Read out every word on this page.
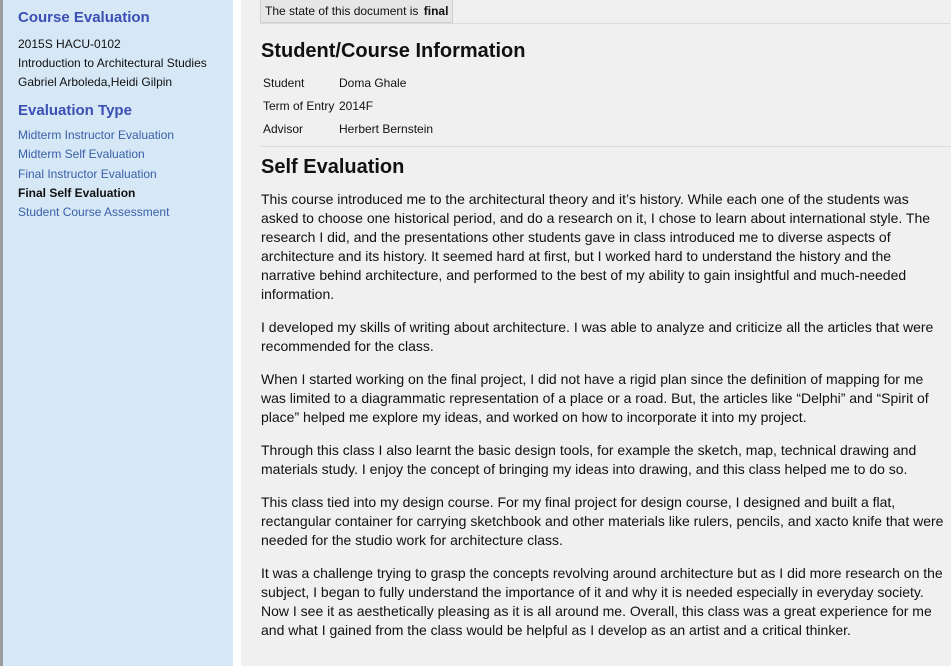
Course Evaluation
2015S HACU-0102
Introduction to Architectural Studies
Gabriel Arboleda,Heidi Gilpin
Evaluation Type
Midterm Instructor Evaluation
Midterm Self Evaluation
Final Instructor Evaluation
Final Self Evaluation
Student Course Assessment
The state of this document is final
Student/Course Information
Student	Doma Ghale
Term of Entry	2014F
Advisor	Herbert Bernstein
Self Evaluation

This course introduced me to the architectural theory and it’s history. While each one of the students was asked to choose one historical period, and do a research on it, I chose to learn about international style. The research I did, and the presentations other students gave in class introduced me to diverse aspects of architecture and its history. It seemed hard at first, but I worked hard to understand the history and the narrative behind architecture, and performed to the best of my ability to gain insightful and much-needed information.

I developed my skills of writing about architecture. I was able to analyze and criticize all the articles that were recommended for the class.

When I started working on the final project, I did not have a rigid plan since the definition of mapping for me was limited to a diagrammatic representation of a place or a road. But, the articles like “Delphi” and “Spirit of place” helped me explore my ideas, and worked on how to incorporate it into my project.

Through this class I also learnt the basic design tools, for example the sketch, map, technical drawing and materials study. I enjoy the concept of bringing my ideas into drawing, and this class helped me to do so.

This class tied into my design course. For my final project for design course, I designed and built a flat, rectangular container for carrying sketchbook and other materials like rulers, pencils, and xacto knife that were needed for the studio work for architecture class.

It was a challenge trying to grasp the concepts revolving around architecture but as I did more research on the subject, I began to fully understand the importance of it and why it is needed especially in everyday society. Now I see it as aesthetically pleasing as it is all around me. Overall, this class was a great experience for me and what I gained from the class would be helpful as I develop as an artist and a critical thinker.
